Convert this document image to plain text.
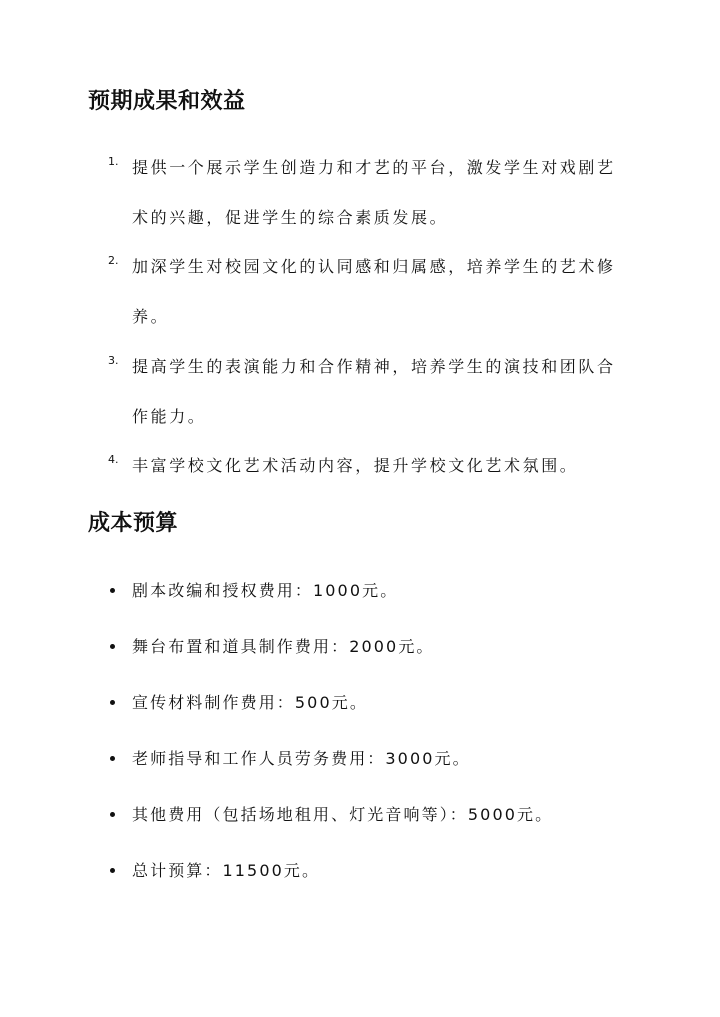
预期成果和效益
1. 提供一个展示学生创造力和才艺的平台，激发学生对戏剧艺术的兴趣，促进学生的综合素质发展。

2. 加深学生对校园文化的认同感和归属感，培养学生的艺术修养。

3. 提高学生的表演能力和合作精神，培养学生的演技和团队合作能力。

4. 丰富学校文化艺术活动内容，提升学校文化艺术氛围。

成本预算

剧本改编和授权费用：1000元。

舞台布置和道具制作费用：2000元。

宣传材料制作费用：500元。

老师指导和工作人员劳务费用：3000元。

其他费用（包括场地租用、灯光音响等）：5000元。

总计预算：11500元。
